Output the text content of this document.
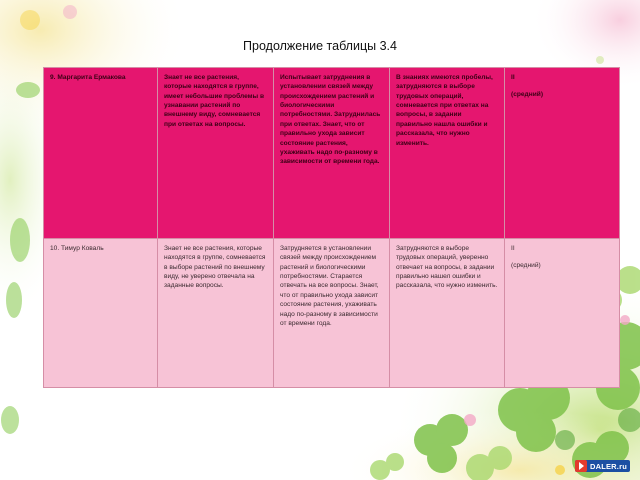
Продолжение таблицы 3.4
9. Маргарита Ермакова	Знает не все растения, которые находятся в группе, имеет небольшие проблемы в узнавании растений по внешнему виду, сомневается при ответах на вопросы.	Испытывает затруднения в установлении связей между происхождением растений и биологическими потребностями. Затруднилась при ответах. Знает, что от правильно ухода зависит состояние растения, ухаживать надо по-разному в зависимости от времени года.	В знаниях имеются пробелы, затрудняются в выборе трудовых операций, сомневается при ответах на вопросы, в задании правильно нашла ошибки и рассказала, что нужно изменить.	II
(средний)

10. Тимур Коваль	Знает не все растения, которые находятся в группе, сомневается в выборе растений по внешнему виду, не уверено отвечала на заданные вопросы.	Затрудняется в установлении связей между происхождением растений и биологическими потребностями. Старается отвечать на все вопросы. Знает, что от правильно ухода зависит состояние растения, ухаживать надо по-разному в зависимости от времени года.	Затрудняются в выборе трудовых операций, уверенно отвечает на вопросы, в задании правильно нашел ошибки и рассказала, что нужно изменить.	II
(средний)
DALER.ru
